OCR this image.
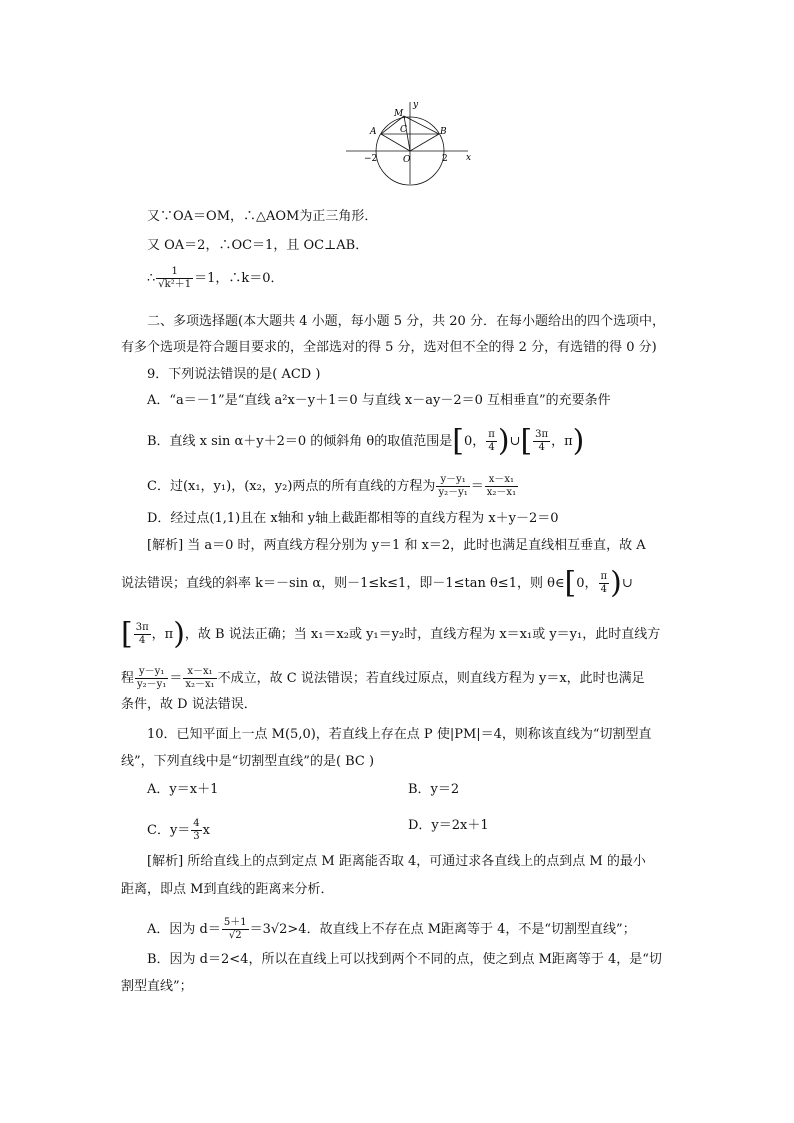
M
y
A	C	B
−2	O	2 x
又∵OA＝OM，∴△AOM为正三角形．
又 OA＝2，∴OC＝1，且 OC⊥AB．
∴ $\frac{1}{\text{√k²＋1}} =1$，∴k＝0．
二、多项选择题(本大题共 4 小题，每小题 5 分，共 20 分．在每小题给出的四个选项中，
有多个选项是符合题目要求的，全部选对的得 5 分，选对但不全的得 2 分，有选错的得 0 分)
9．下列说法错误的是( ACD )
A．“a＝－1”是“直线 a²x－y＋1＝0 与直线 x－ay－2＝0 互相垂直”的充要条件
B．直线 x sin α＋y＋2＝0 的倾斜角 θ的取值范围是[0， $\frac{\pi}{4}$ )∪[ $\frac{3\pi}{4}$ ，π)
C．过(x₁，y₁)，(x₂，y₂)两点的所有直线的方程为 $\frac{\text{y－y₁}}{\text{y₂－y₁}} = \frac{\text{x－x₁}}{\text{x₂－x₁}}$
D．经过点(1,1)且在 x轴和 y轴上截距都相等的直线方程为 x＋y－2＝0
[解析] 当 a＝0 时，两直线方程分别为 y＝1 和 x＝2，此时也满足直线相互垂直，故 A
说法错误；直线的斜率 k＝－sin α，则－1≤k≤1，即－1≤tan θ≤1，则 θ∈[0， $\frac{\pi}{4}$ )∪
[ $\frac{3\pi}{4}$ ，π)，故 B 说法正确；当 x₁＝x₂或 y₁＝y₂时，直线方程为 x＝x₁或 y＝y₁，此时直线方
程 $\frac{\text{y－y₁}}{\text{y₂－y₁}} = \frac{\text{x－x₁}}{\text{x₂－x₁}}$ 不成立，故 C 说法错误；若直线过原点，则直线方程为 y＝x，此时也满足
条件，故 D 说法错误．
10．已知平面上一点 M(5,0)，若直线上存在点 P 使|PM|＝4，则称该直线为“切割型直
线”，下列直线中是“切割型直线”的是( BC )
A．y＝x＋1	B．y＝2
C．$y= \frac{4}{3}$ x	D．y＝2x＋1
[解析] 所给直线上的点到定点 M 距离能否取 4，可通过求各直线上的点到点 M 的最小
距离，即点 M到直线的距离来分析．
A．因为 $d= \frac{5+1}{√2} =3√2>4$．故直线上不存在点 M距离等于 4，不是“切割型直线”；
B．因为 d＝2<4，所以在直线上可以找到两个不同的点，使之到点 M距离等于 4，是“切
割型直线”；
